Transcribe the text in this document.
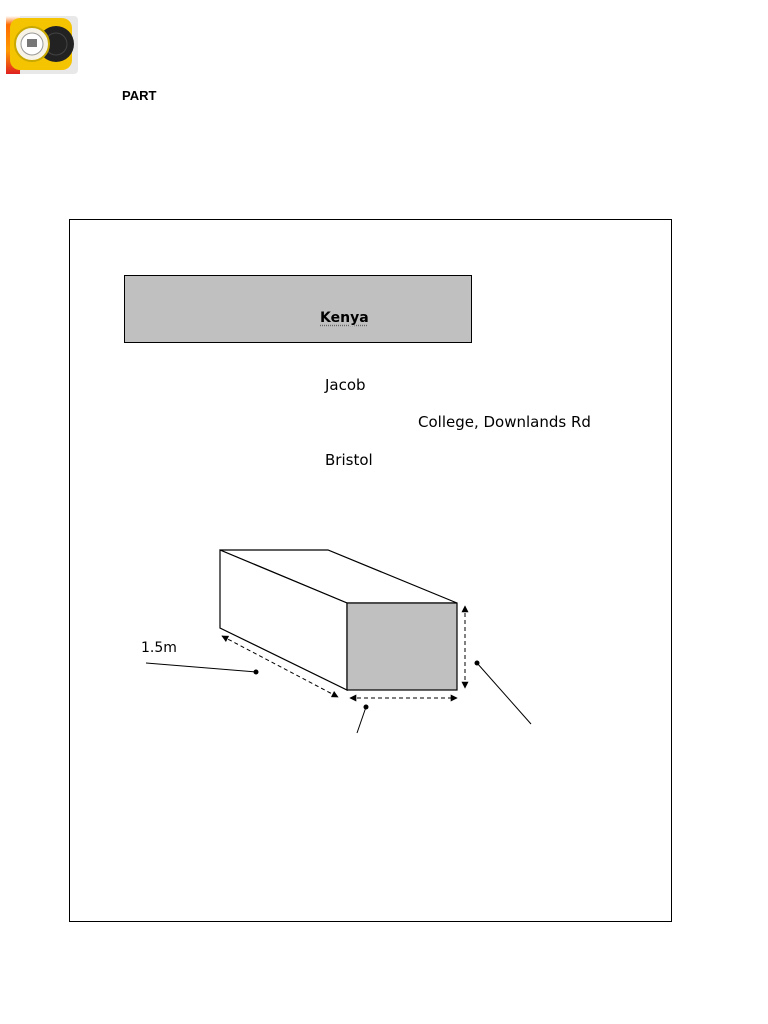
PART
Kenya
Jacob
College, Downlands Rd
Bristol
1.5m
